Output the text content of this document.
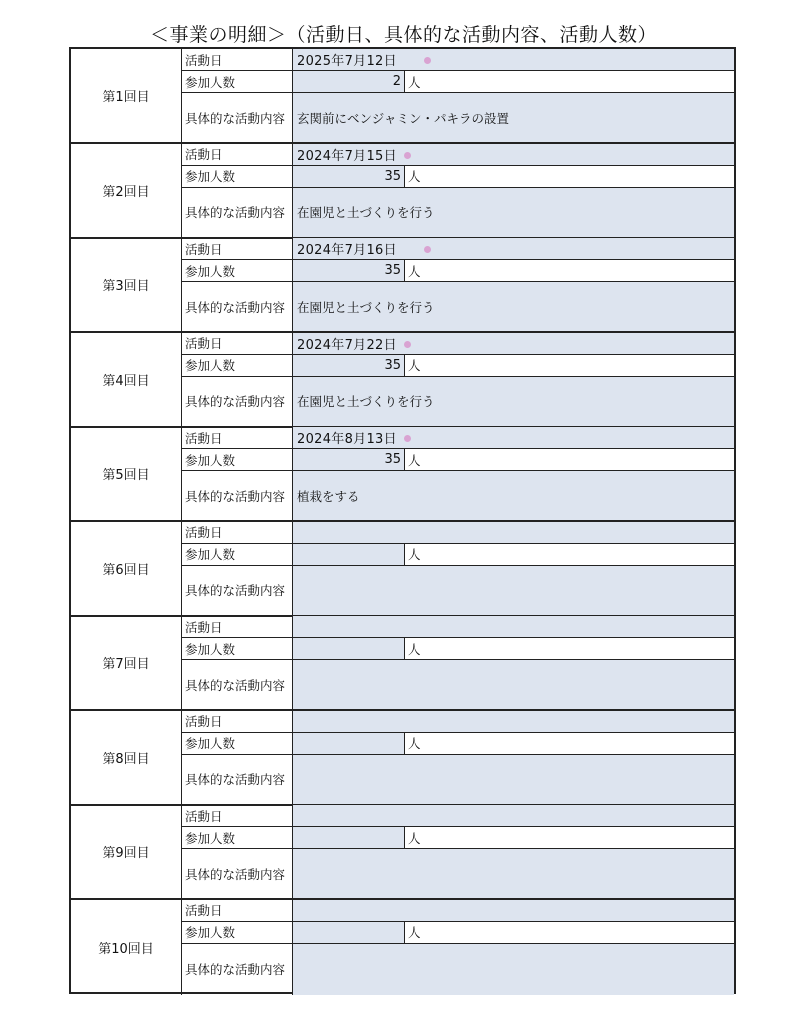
＜事業の明細＞（活動日、具体的な活動内容、活動人数）
第1回目
活動日	2025年7月12日
参加人数	2 人
具体的な活動内容 玄関前にベンジャミン・パキラの設置
第2回目
活動日	2024年7月15日
参加人数	35 人
具体的な活動内容 在園児と土づくりを行う
第3回目
活動日	2024年7月16日
参加人数	35 人
具体的な活動内容 在園児と土づくりを行う
第4回目
活動日	2024年7月22日
参加人数	35 人
具体的な活動内容 在園児と土づくりを行う
第5回目
活動日	2024年8月13日
参加人数	35 人
具体的な活動内容 植栽をする
第6回目
活動日
参加人数	人
具体的な活動内容
第7回目
活動日
参加人数	人
具体的な活動内容
第8回目
活動日
参加人数	人
具体的な活動内容
第9回目
活動日
参加人数	人
具体的な活動内容
第10回目
活動日
参加人数	人
具体的な活動内容
